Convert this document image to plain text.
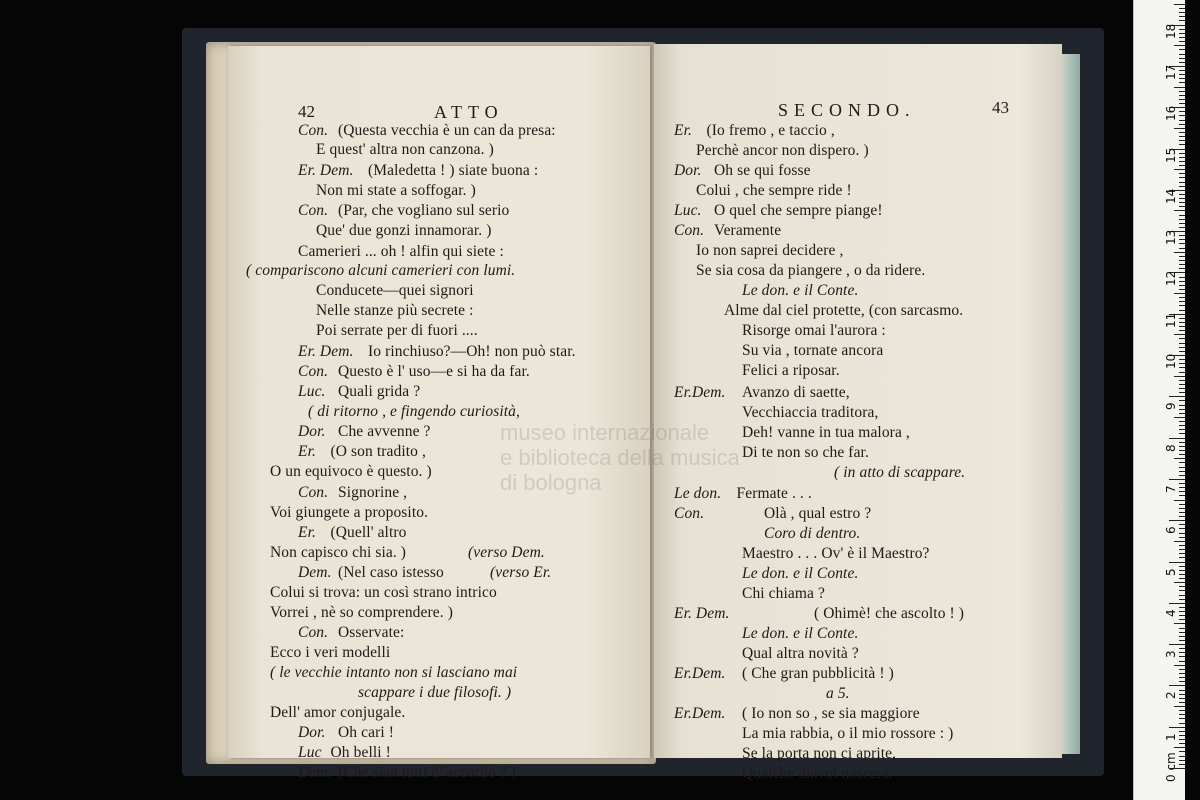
42	ATTO
Con. (Questa vecchia è un can da presa:
E quest' altra non canzona. )
Er. Dem. (Maledetta ! ) siate buona :
Non mi state a soffogar. )
Con. (Par, che vogliano sul serio
Que' due gonzi innamorar. )
Camerieri ... oh ! alfin qui siete :
( compariscono alcuni camerieri con lumi.
Conducete—quei signori
Nelle stanze più secrete :
Poi serrate per di fuori ....
Er. Dem. Io rinchiuso?—Oh! non può star.
Con. Questo è l' uso—e si ha da far.
Luc. Quali grida ?
( di ritorno , e fingendo curiosità,
Dor. Che avvenne ?
Er. (O son tradito ,
O un equivoco è questo. )
Con. Signorine ,
Voi giungete a proposito.
Er. (Quell' altro
Non capisco chi sia. )	(verso Dem.
Dem. (Nel caso istesso	(verso Er.
Colui si trova: un così strano intrico
Vorrei , nè so comprendere. )
Con. Osservate:
Ecco i veri modelli
( le vecchie intanto non si lasciano mai
scappare i due filosofi. )
Dell' amor conjugale.
Dor. Oh cari !
Luc Oh belli !
Dem. (Che sian tutti d' accordo ? )
SECONDO.	43
Er. (Io fremo , e taccio ,
Perchè ancor non dispero. )
Dor. Oh se qui fosse
Colui , che sempre ride !
Luc. O quel che sempre piange!
Con. Veramente
Io non saprei decidere ,
Se sia cosa da piangere , o da ridere.
Le don. e il Conte.
Alme dal ciel protette, (con sarcasmo.
Risorge omai l'aurora :
Su via , tornate ancora
Felici a riposar.
Er.Dem. Avanzo di saette,
Vecchiaccia traditora,
Deh! vanne in tua malora ,
Di te non so che far.
( in atto di scappare.
Le don. Fermate . . .
Con.	Olà , qual estro ?
Coro di dentro.
Maestro . . . Ov' è il Maestro?
Le don. e il Conte.
Chi chiama ?
Er. Dem.	( Ohimè! che ascolto ! )
Le don. e il Conte.
Qual altra novità ?
Er.Dem. ( Che gran pubblicità ! )
a 5.
Er.Dem. ( Io non so , se sia maggiore
La mia rabbia, o il mio rossore : )
Se la porta non ci aprite,
Qualche diavol nascerà.	0 cm
1
2
3
4
5
6
7
8
9
10
11
12
13
14
15
16
17
18
